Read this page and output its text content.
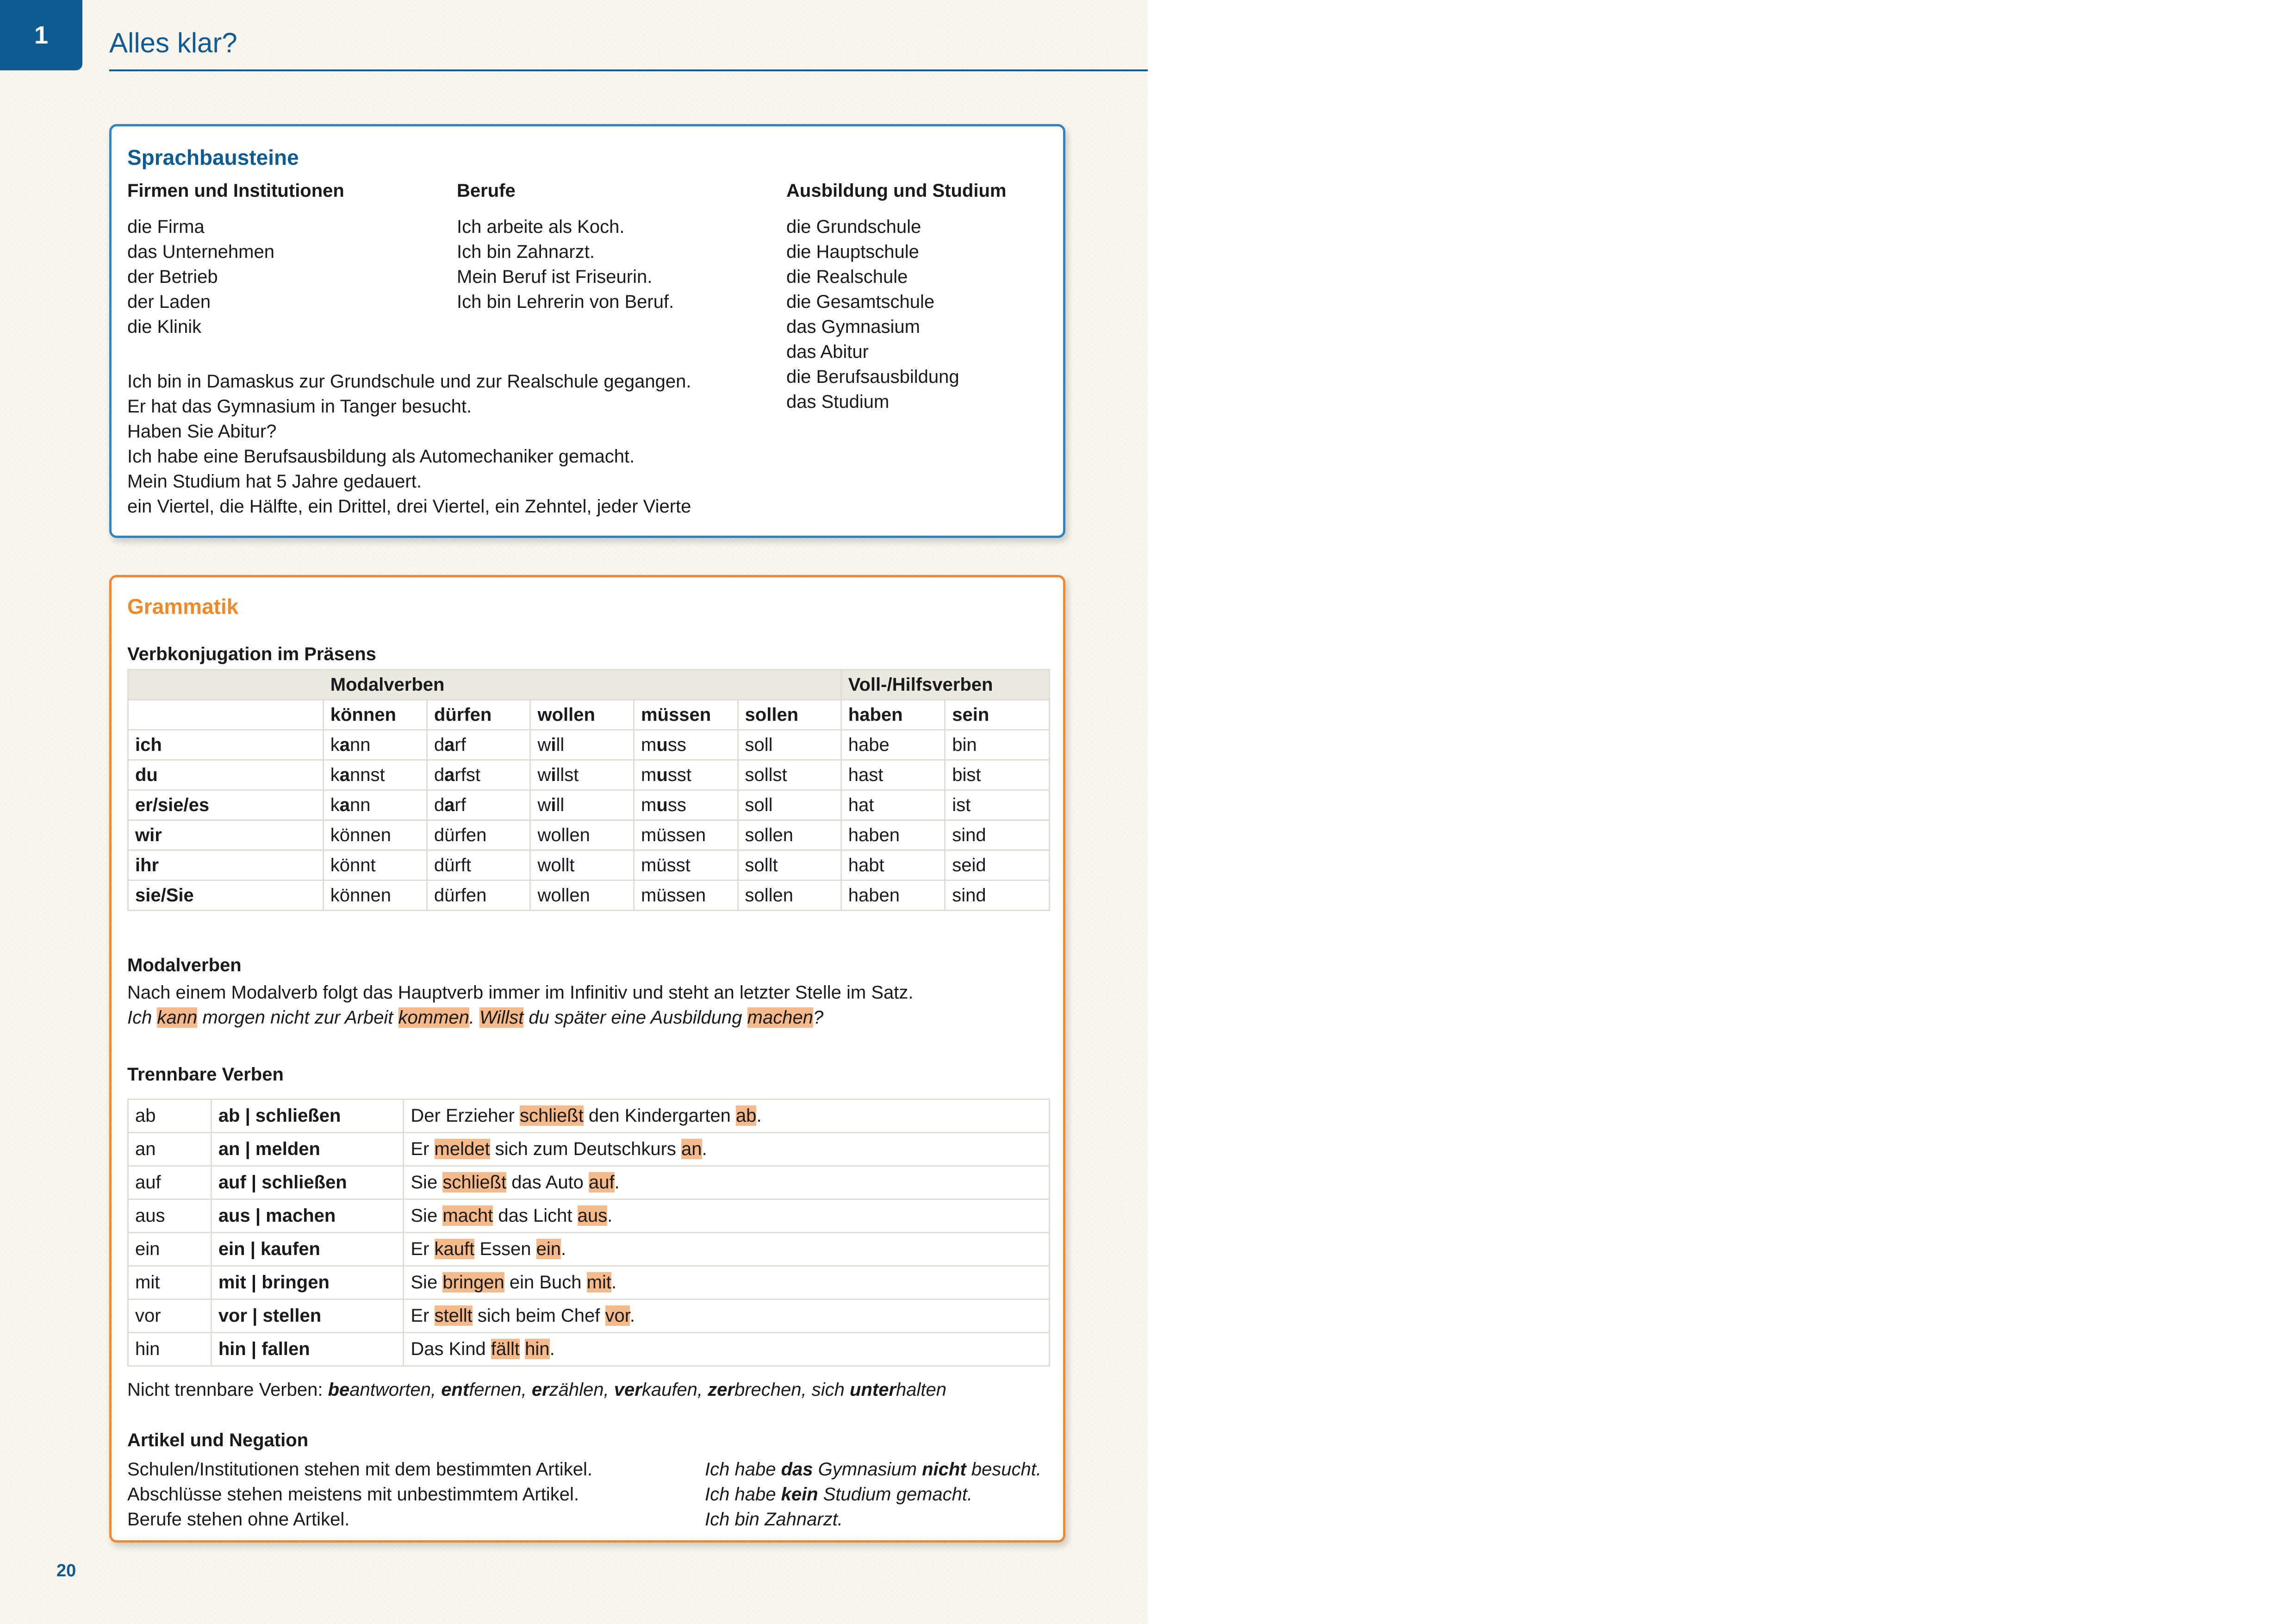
1	Alles klar?
Sprachbausteine
Firmen und Institutionen
die Firma
das Unternehmen
der Betrieb
der Laden
die Klinik
Berufe
Ich arbeite als Koch.
Ich bin Zahnarzt.
Mein Beruf ist Friseurin.
Ich bin Lehrerin von Beruf.
Ausbildung und Studium
die Grundschule
die Hauptschule
die Realschule
die Gesamtschule
das Gymnasium
das Abitur
die Berufsausbildung
das Studium
Ich bin in Damaskus zur Grundschule und zur Realschule gegangen.
Er hat das Gymnasium in Tanger besucht.
Haben Sie Abitur?
Ich habe eine Berufsausbildung als Automechaniker gemacht.
Mein Studium hat 5 Jahre gedauert.
ein Viertel, die Hälfte, ein Drittel, drei Viertel, ein Zehntel, jeder Vierte
Grammatik
Verbkonjugation im Präsens
	Modalverben					Voll-/Hilfsverben	
	können	dürfen	wollen	müssen	sollen	haben	sein
ich	kann	darf	will	muss	soll	habe	bin
du	kannst	darfst	willst	musst	sollst	hast	bist
er/sie/es	kann	darf	will	muss	soll	hat	ist
wir	können	dürfen	wollen	müssen	sollen	haben	sind
ihr	könnt	dürft	wollt	müsst	sollt	habt	seid
sie/Sie	können	dürfen	wollen	müssen	sollen	haben	sind
Modalverben
Nach einem Modalverb folgt das Hauptverb immer im Infinitiv und steht an letzter Stelle im Satz.
Ich kann morgen nicht zur Arbeit kommen. Willst du später eine Ausbildung machen?
Trennbare Verben
ab	ab | schließen	Der Erzieher schließt den Kindergarten ab.
an	an | melden	Er meldet sich zum Deutschkurs an.
auf	auf | schließen	Sie schließt das Auto auf.
aus	aus | machen	Sie macht das Licht aus.
ein	ein | kaufen	Er kauft Essen ein.
mit	mit | bringen	Sie bringen ein Buch mit.
vor	vor | stellen	Er stellt sich beim Chef vor.
hin	hin | fallen	Das Kind fällt hin.
Nicht trennbare Verben: beantworten, entfernen, erzählen, verkaufen, zerbrechen, sich unterhalten
Artikel und Negation
Schulen/Institutionen stehen mit dem bestimmten Artikel.
Abschlüsse stehen meistens mit unbestimmtem Artikel.
Berufe stehen ohne Artikel.
Ich habe das Gymnasium nicht besucht.
Ich habe kein Studium gemacht.
Ich bin Zahnarzt.
20
